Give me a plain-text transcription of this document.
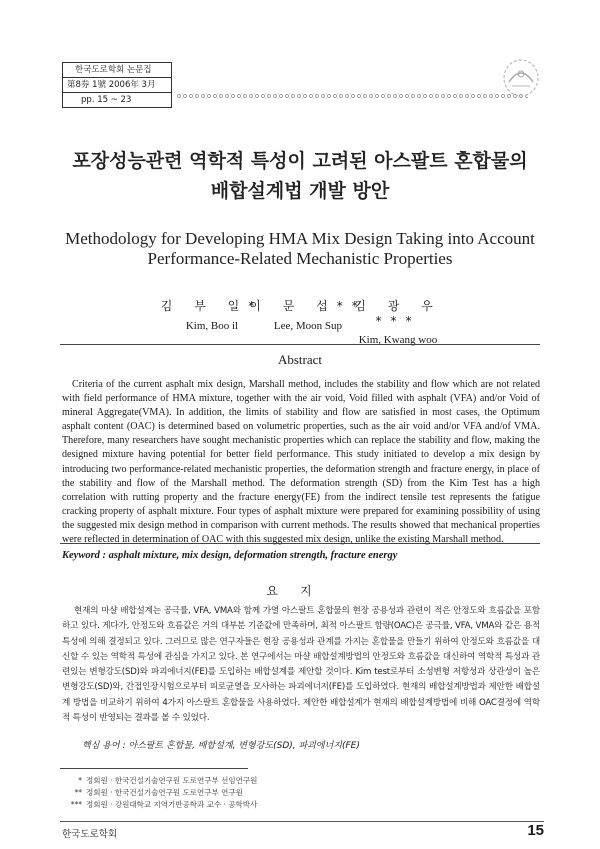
한국도로학회 논문집
第8券 1號 2006年 3月
pp. 15 ~ 23
포장성능관련 역학적 특성이 고려된 아스팔트 혼합물의
배합설계법 개발 방안
Methodology for Developing HMA Mix Design Taking into Account
Performance-Related Mechanistic Properties
김 부 일*
Kim, Boo il
이 문 섭**
Lee, Moon Sup
김 광 우***
Kim, Kwang woo
Abstract

Criteria of the current asphalt mix design, Marshall method, includes the stability and flow which are not related with field performance of HMA mixture, together with the air void, Void filled with asphalt (VFA) and/or Void of mineral Aggregate(VMA). In addition, the limits of stability and flow are satisfied in most cases, the Optimum asphalt content (OAC) is determined based on volumetric properties, such as the air void and/or VFA and/of VMA. Therefore, many researchers have sought mechanistic properties which can replace the stability and flow, making the designed mixture having potential for better field performance. This study initiated to develop a mix design by introducing two performance-related mechanistic properties, the deformation strength and fracture energy, in place of the stability and flow of the Marshall method. The deformation strength (SD) from the Kim Test has a high correlation with rutting property and the fracture energy(FE) from the indirect tensile test represents the fatigue cracking property of asphalt mixture. Four types of asphalt mixture were prepared for examining possibility of using the suggested mix design method in comparison with current methods. The results showed that mechanical properties were reflected in determination of OAC with this suggested mix design, unlike the existing Marshall method.

Keyword : asphalt mixture, mix design, deformation strength, fracture energy
요지

현재의 마샬 배합설계는 공극률, VFA, VMA와 함께 가열 아스팔트 혼합물의 현장 공용성과 관련이 적은 안정도와 흐름값을 포함하고 있다. 게다가, 안정도와 흐름값은 거의 대부분 기준값에 만족하며, 최적 아스팔트 함량(OAC)은 공극률, VFA, VMA와 같은 용적특성에 의해 결정되고 있다. 그러므로 많은 연구자들은 현장 공용성과 관계를 가지는 혼합물을 만들기 위하여 안정도와 흐름값을 대신할 수 있는 역학적 특성에 관심을 가지고 있다. 본 연구에서는 마샬 배합설계방법의 안정도와 흐름값을 대신하여 역학적 특성과 관련있는 변형강도(SD)와 파괴에너지(FE)를 도입하는 배합설계를 제안할 것이다. Kim test로부터 소성변형 저항성과 상관성이 높은 변형강도(SD)와, 간접인장시험으로부터 피로균열을 모사하는 파괴에너지(FE)를 도입하였다. 현재의 배합설계방법과 제안한 배합설계 방법을 비교하기 위하여 4가지 아스팔트 혼합물을 사용하였다. 제안한 배합설계가 현재의 배합설계방법에 비해 OAC결정에 역학적 특성이 반영되는 결과를 볼 수 있었다.

핵심 용어 : 아스팔트 혼합물, 배합설계, 변형강도(SD), 파괴에너지(FE)
* 정회원 · 한국건설기술연구원 도로연구부 선임연구원
** 정회원 · 한국건설기술연구원 도로연구부 연구원
*** 정회원 · 강원대학교 지역기반공학과 교수 · 공학박사
한국도로학회	15
